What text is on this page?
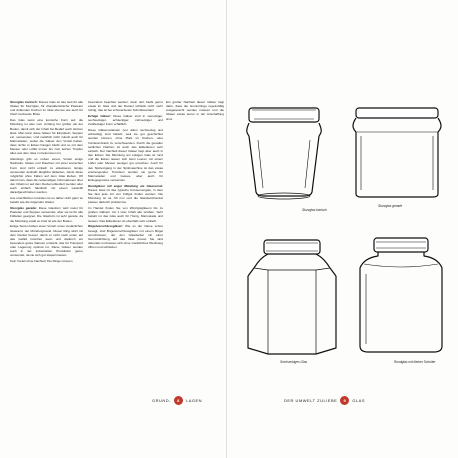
Sturzglas konisch: Dieses Glas ist das weit für alle Gläser für Sturzglas, für charakteristische Pasteten und duftenden Kuchen im Glas ebenso wie auch für frisch riechende Brote.

Das Glas weist eine konische Form auf, die Mündung ist also vom Umfang her größer als der Boden, damit sich der Inhalt bei Bedarf auch stürzen lässt. Man kann diese Gläser für Einpökeln, Suppen etc. verwenden. Und natürlich nicht zuletzt auch für Marmeladen, wobei die Gläser den Vorteil haben, dass nichts in Ecken hängen bleibt und so mit dem Messer oder Löffel immer bis zum letzten Tropfen alles aus dem Glas zu bekommen ist.

Allerdings gibt es neben einem Vorteil einige Nachteile: Gläser und Flaschen mit einer konischen Form sind nicht einfach zu etikettieren. Einige verwenden deshalb längliche Etiketten, damit diese möglichst ohne Falten auf dem Glas kleben. Oft damit man, dass die notwendigen Informationen über den Inhalt nur auf dem Deckel etikettiert werden oder auch einfach händisch mit einem Lackstift daraufgeschrieben werden.

Aus ersichtlichen Gründen ist es daher nicht ganz so beliebt wie die folgenden Gläser.

Sturzglas gerade: Diese Glasform wird meist für Pasteten und Suppen verwendet, aber sie ist für alle Füllarten geeignet. Die Glasform ist sehr gerade, da die Mündung exakt so breit ist wie der Boden.

Einige Serien haben einen Vorteil: einen zusätzlichen Glasrand, der Mündungsrand. Dieser Ring wirkt mit dem Deckel besser, damit er nicht nach unten auf das Gefäß rutschen kann und dadurch ein besonders gutes Vakuum entsteht, das für Transport oder Lagerung optimal ist. Diese Gläser werden auch in der industriellen Produktion gerne verwendet, da sie sich gut stapeln lassen.

Kein Vorteil ohne Nachteil: Die Ringe müssen

besonders beachtet werden, dann dort bleibt gerne etwas im Glas und der Deckel schließt nicht mehr richtig, das ist bei schmierfesten Schnittwunden!

Echige Gläser: Diese Gläser sind in viereckiger, sechseckiger, achteckiger, zehneckiger und zwölfeckiger Form erhältlich.

Diese Gläservarianten (vor allem sechseckig und achteckig) sind beliebt, weil sie gut geschichtet werden können, ohne Platz im Küchen- oder Vorratsschrank zu verschwenden. Durch die geraden seitlichen Flächen ist auch das Etikettieren sehr einfach. Der Nachteil dieser Gläser liegt aber auch in den Ecken: Die Mündung am eckigen Glas ist rund und die Ecken lassen sich beim Leeren mit einem Löffel oder Messer weniger gut erreichen. Auch für den Spülvorgang in der Spülmaschine ist das etwas anstrengender. Trotzdem werden sie gerne für Marmeladen und Gelees, aber auch für Einlegegemüse verwendet.

Rundgläser mit enger Mündung als Glasvorrat: Dieses Glas ist das typische Konservenglas, in dem Sie fast jede Art von Füllgut finden werden. Die Mündung ist ca. 63 mm und die Standard-Deckel passen dadurch problemlos.

Im Handel finden Sie von Winzigstgläsern bis zu großen Gläsern mit 1 Liter Inhalt alle Größen. Sehr beliebt ist das Glas auch für Honig, Marmelade und Gelees. Das Etikettieren ist ebenfalls sehr einfach.

Bügelverschlussgläser: Wie es der Name schon besagt, sind Bügelverschlussgläser mit einem Bügel verschlossen, der den Glasdeckel mit einer Gummidichtung auf das Glas presst. Sie sind dekorativ und lassen sich ohne zusätzliches Werkzeug öffnen und schließen.

Ein großer Nachteil dieser Gläser liegt darin, dass die Gummiringe regelmäßig ausgetauscht werden müssen und die Gläser etwas teurer in der Anschaffung sind.

GRUND-	8	LAGEN
Sturzglas konisch
Sturzglas gerade
Sechseckiges Glas	Rundglas mit kleiner Schulter
DER UMWELT ZULIEBE	9	GLAS
